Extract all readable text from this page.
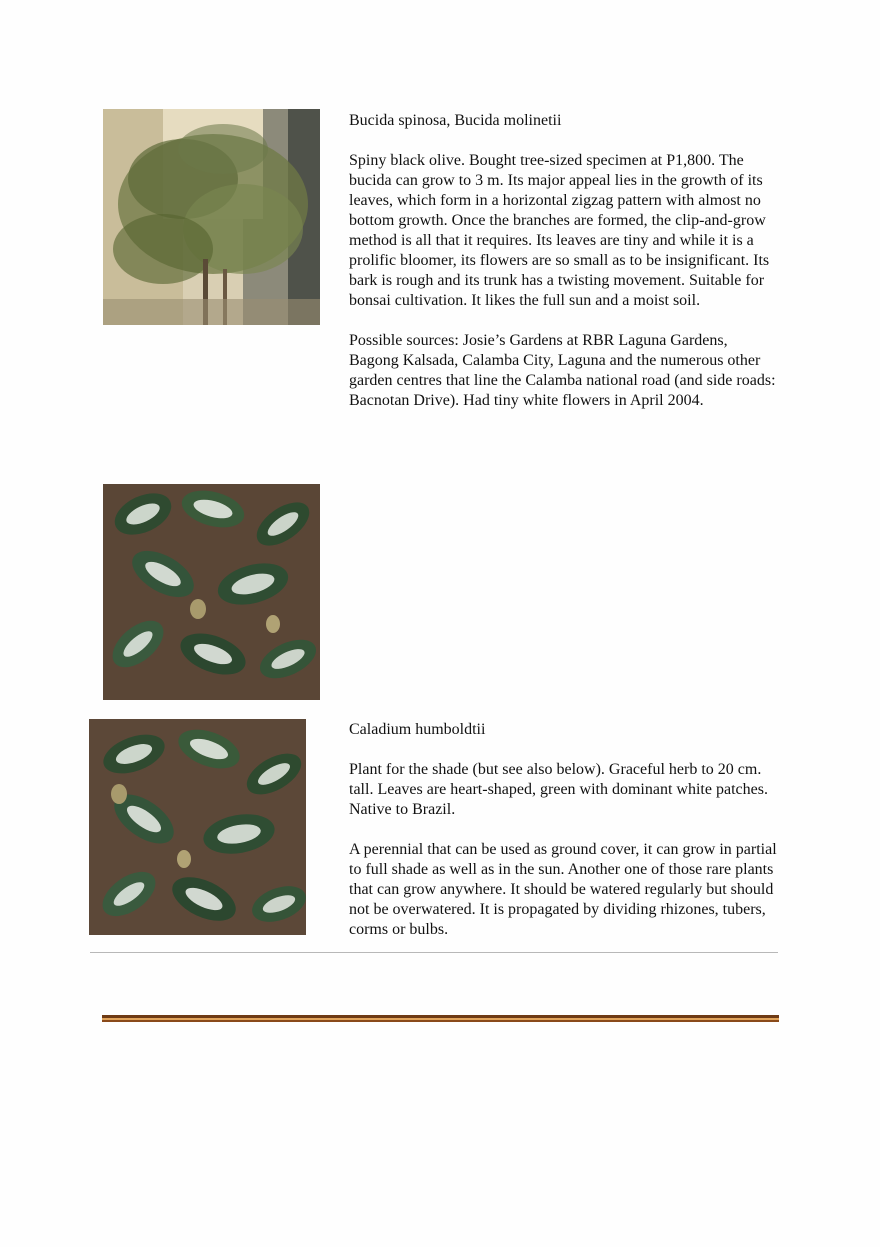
Bucida spinosa, Bucida molinetii

Spiny black olive. Bought tree-sized specimen at P1,800. The bucida can grow to 3 m. Its major appeal lies in the growth of its leaves, which form in a horizontal zigzag pattern with almost no bottom growth. Once the branches are formed, the clip-and-grow method is all that it requires. Its leaves are tiny and while it is a prolific bloomer, its flowers are so small as to be insignificant. Its bark is rough and its trunk has a twisting movement. Suitable for bonsai cultivation. It likes the full sun and a moist soil.

Possible sources: Josie’s Gardens at RBR Laguna Gardens, Bagong Kalsada, Calamba City, Laguna and the numerous other garden centres that line the Calamba national road (and side roads: Bacnotan Drive). Had tiny white flowers in April 2004.

Caladium humboldtii

Plant for the shade (but see also below). Graceful herb to 20 cm. tall. Leaves are heart-shaped, green with dominant white patches. Native to Brazil.

A perennial that can be used as ground cover, it can grow in partial to full shade as well as in the sun. Another one of those rare plants that can grow anywhere. It should be watered regularly but should not be overwatered. It is propagated by dividing rhizones, tubers, corms or bulbs.
